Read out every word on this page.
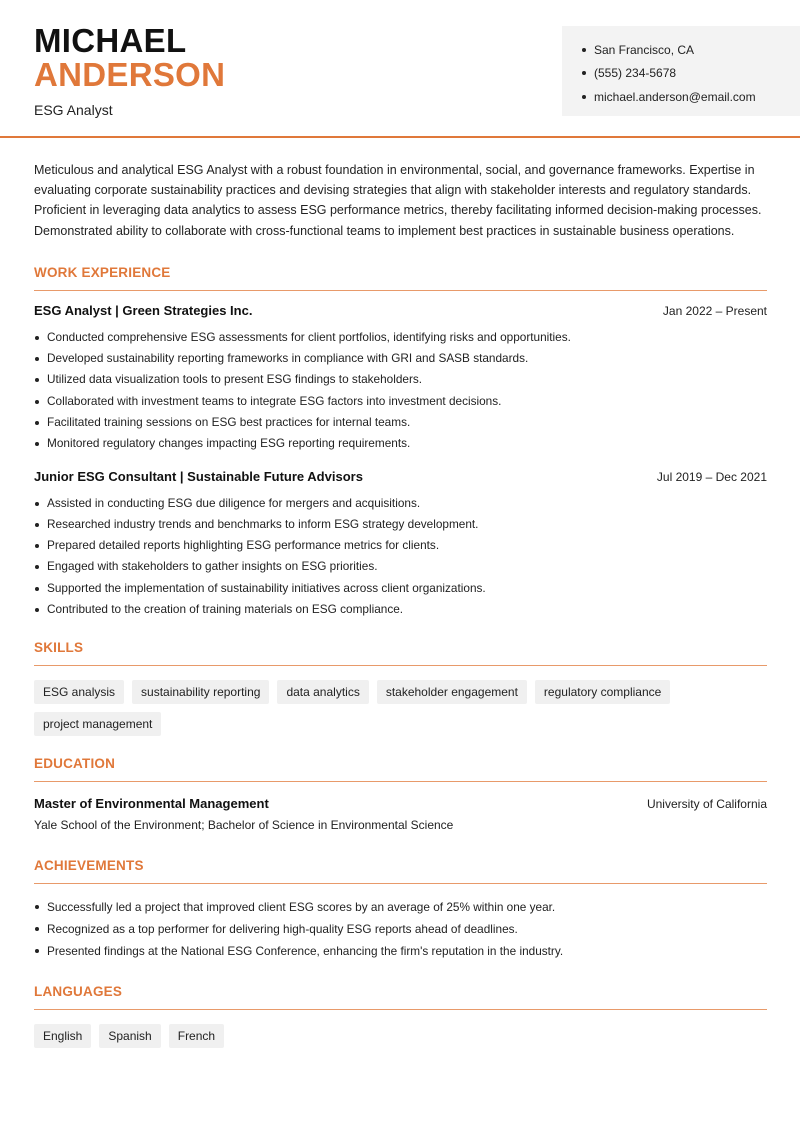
MICHAEL
ANDERSON
ESG Analyst
San Francisco, CA
(555) 234-5678
michael.anderson@email.com

Meticulous and analytical ESG Analyst with a robust foundation in environmental, social, and governance frameworks. Expertise in evaluating corporate sustainability practices and devising strategies that align with stakeholder interests and regulatory standards. Proficient in leveraging data analytics to assess ESG performance metrics, thereby facilitating informed decision-making processes. Demonstrated ability to collaborate with cross-functional teams to implement best practices in sustainable business operations.

WORK EXPERIENCE
ESG Analyst | Green Strategies Inc.	Jan 2022 – Present
Conducted comprehensive ESG assessments for client portfolios, identifying risks and opportunities.
Developed sustainability reporting frameworks in compliance with GRI and SASB standards.
Utilized data visualization tools to present ESG findings to stakeholders.
Collaborated with investment teams to integrate ESG factors into investment decisions.
Facilitated training sessions on ESG best practices for internal teams.
Monitored regulatory changes impacting ESG reporting requirements.
Junior ESG Consultant | Sustainable Future Advisors	Jul 2019 – Dec 2021
Assisted in conducting ESG due diligence for mergers and acquisitions.
Researched industry trends and benchmarks to inform ESG strategy development.
Prepared detailed reports highlighting ESG performance metrics for clients.
Engaged with stakeholders to gather insights on ESG priorities.
Supported the implementation of sustainability initiatives across client organizations.
Contributed to the creation of training materials on ESG compliance.
SKILLS
ESG analysis	sustainability reporting	data analytics	stakeholder engagement	regulatory compliance
project management
EDUCATION
Master of Environmental Management	University of California
Yale School of the Environment; Bachelor of Science in Environmental Science
ACHIEVEMENTS
Successfully led a project that improved client ESG scores by an average of 25% within one year.
Recognized as a top performer for delivering high-quality ESG reports ahead of deadlines.
Presented findings at the National ESG Conference, enhancing the firm's reputation in the industry.
LANGUAGES
English	Spanish	French
